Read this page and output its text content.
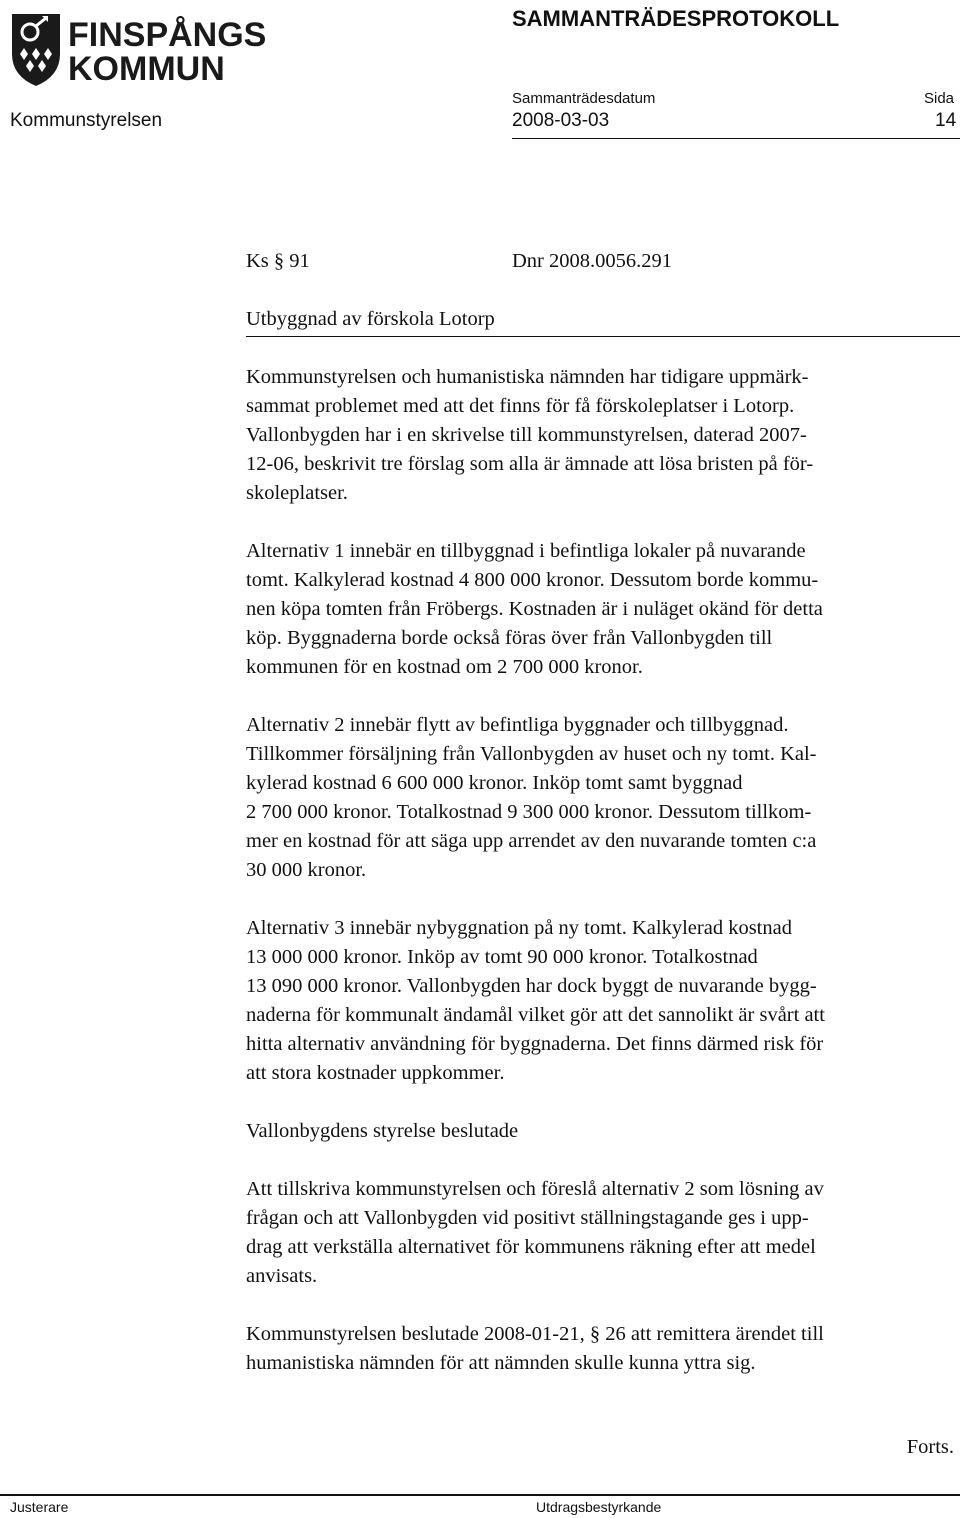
FINSPÅNGS
KOMMUN
SAMMANTRÄDESPROTOKOLL
Sammanträdesdatum	Sida
Kommunstyrelsen	2008-03-03	14
Ks § 91	Dnr 2008.0056.291
Utbyggnad av förskola Lotorp
Kommunstyrelsen och humanistiska nämnden har tidigare uppmärk-
sammat problemet med att det finns för få förskoleplatser i Lotorp.
Vallonbygden har i en skrivelse till kommunstyrelsen, daterad 2007-
12-06, beskrivit tre förslag som alla är ämnade att lösa bristen på för-
skoleplatser.
Alternativ 1 innebär en tillbyggnad i befintliga lokaler på nuvarande
tomt. Kalkylerad kostnad 4 800 000 kronor. Dessutom borde kommu-
nen köpa tomten från Fröbergs. Kostnaden är i nuläget okänd för detta
köp. Byggnaderna borde också föras över från Vallonbygden till
kommunen för en kostnad om 2 700 000 kronor.
Alternativ 2 innebär flytt av befintliga byggnader och tillbyggnad.
Tillkommer försäljning från Vallonbygden av huset och ny tomt. Kal-
kylerad kostnad 6 600 000 kronor. Inköp tomt samt byggnad
2 700 000 kronor. Totalkostnad 9 300 000 kronor. Dessutom tillkom-
mer en kostnad för att säga upp arrendet av den nuvarande tomten c:a
30 000 kronor.
Alternativ 3 innebär nybyggnation på ny tomt. Kalkylerad kostnad
13 000 000 kronor. Inköp av tomt 90 000 kronor. Totalkostnad
13 090 000 kronor. Vallonbygden har dock byggt de nuvarande bygg-
naderna för kommunalt ändamål vilket gör att det sannolikt är svårt att
hitta alternativ användning för byggnaderna. Det finns därmed risk för
att stora kostnader uppkommer.
Vallonbygdens styrelse beslutade
Att tillskriva kommunstyrelsen och föreslå alternativ 2 som lösning av
frågan och att Vallonbygden vid positivt ställningstagande ges i upp-
drag att verkställa alternativet för kommunens räkning efter att medel
anvisats.
Kommunstyrelsen beslutade 2008-01-21, § 26 att remittera ärendet till
humanistiska nämnden för att nämnden skulle kunna yttra sig.
Forts.
Justerare	Utdragsbestyrkande
